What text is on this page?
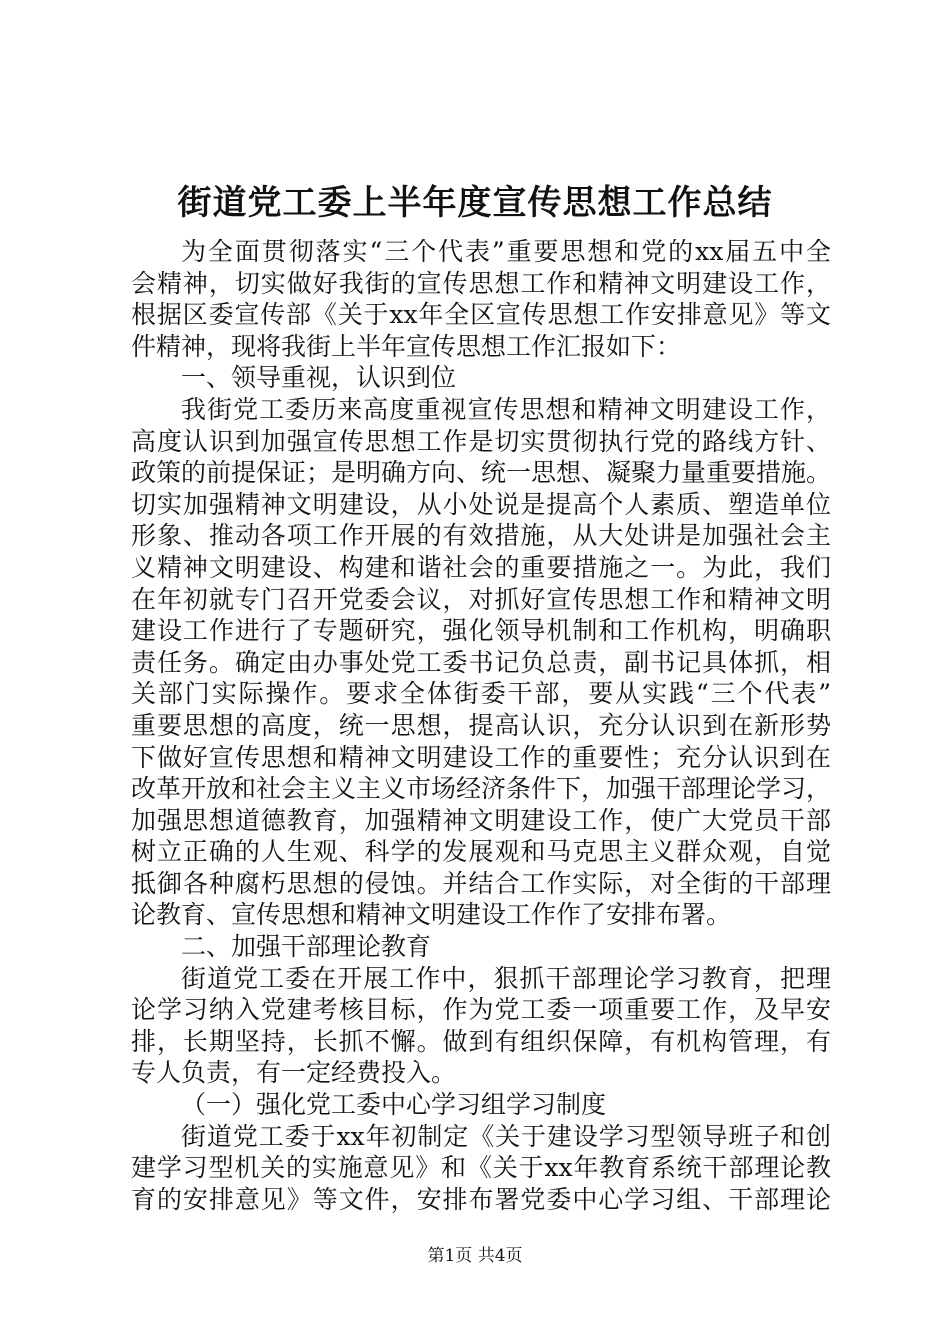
街道党工委上半年度宣传思想工作总结
为全面贯彻落实“三个代表”重要思想和党的xx届五中全
会精神，切实做好我街的宣传思想工作和精神文明建设工作，
根据区委宣传部《关于xx年全区宣传思想工作安排意见》等文
件精神，现将我街上半年宣传思想工作汇报如下：
一、领导重视，认识到位
我街党工委历来高度重视宣传思想和精神文明建设工作，
高度认识到加强宣传思想工作是切实贯彻执行党的路线方针、
政策的前提保证；是明确方向、统一思想、凝聚力量重要措施。
切实加强精神文明建设，从小处说是提高个人素质、塑造单位
形象、推动各项工作开展的有效措施，从大处讲是加强社会主
义精神文明建设、构建和谐社会的重要措施之一。为此，我们
在年初就专门召开党委会议，对抓好宣传思想工作和精神文明
建设工作进行了专题研究，强化领导机制和工作机构，明确职
责任务。确定由办事处党工委书记负总责，副书记具体抓，相
关部门实际操作。要求全体街委干部，要从实践“三个代表”
重要思想的高度，统一思想，提高认识，充分认识到在新形势
下做好宣传思想和精神文明建设工作的重要性；充分认识到在
改革开放和社会主义主义市场经济条件下，加强干部理论学习，
加强思想道德教育，加强精神文明建设工作，使广大党员干部
树立正确的人生观、科学的发展观和马克思主义群众观，自觉
抵御各种腐朽思想的侵蚀。并结合工作实际，对全街的干部理
论教育、宣传思想和精神文明建设工作作了安排布署。
二、加强干部理论教育
街道党工委在开展工作中，狠抓干部理论学习教育，把理
论学习纳入党建考核目标，作为党工委一项重要工作，及早安
排，长期坚持，长抓不懈。做到有组织保障，有机构管理，有
专人负责，有一定经费投入。
（一）强化党工委中心学习组学习制度
街道党工委于xx年初制定《关于建设学习型领导班子和创
建学习型机关的实施意见》和《关于xx年教育系统干部理论教
育的安排意见》等文件，安排布署党委中心学习组、干部理论
第1页 共4页
